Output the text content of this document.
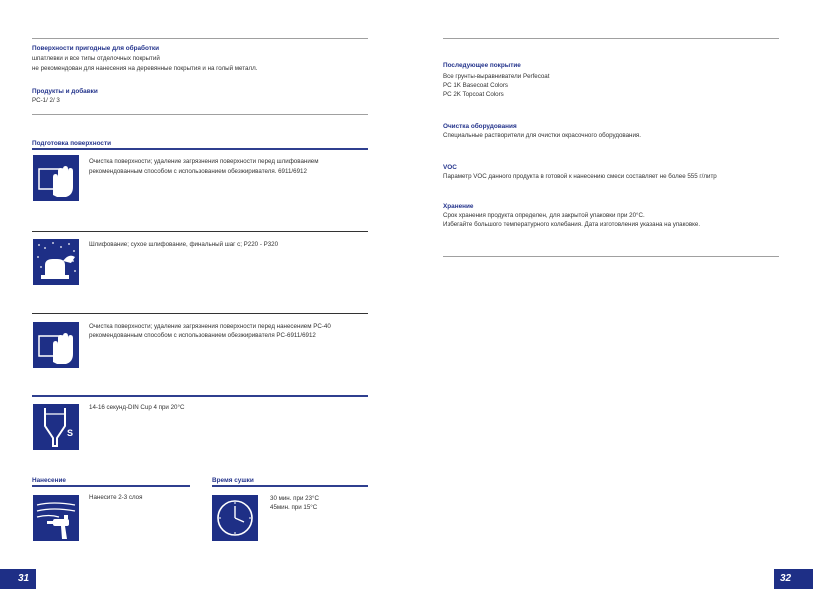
Поверхности пригодные для обработки
шпатлевки и все типы отделочных покрытий
не рекомендован для нанесения на деревянные покрытия и на голый металл.
Продукты и добавки
PC-1/ 2/ 3
Подготовка поверхности
Очистка поверхности; удаление загрязнения поверхности перед шлифованием
рекомендованным способом с использованием обезжиривателя. 6911/6912
Шлифование; сухое шлифование, финальный шаг с; P220 - P320
Очистка поверхности; удаление загрязнения поверхности перед нанесением PC-40
рекомендованным способом с использованием обезжиривателя PC-6911/6912
S
14-16 секунд-DIN Cup 4 при 20°C
Нанесение
Нанесите 2-3 слоя
Время сушки
30 мин. при 23°C
45мин. при 15°C
31
Последующее покрытие
Все грунты-выравниватели Perfecoat
PC 1K Basecoat Colors
PC 2K Topcoat Colors
Очистка оборудования
Специальные растворители для очистки окрасочного оборудования.
VOC
Параметр VOC данного продукта в готовой к нанесению смеси составляет не более 555 г/литр
Хранение
Срок хранения продукта определен, для закрытой упаковки при 20°C.
Избегайте большого температурного колебания. Дата изготовления указана на упаковке.
32
